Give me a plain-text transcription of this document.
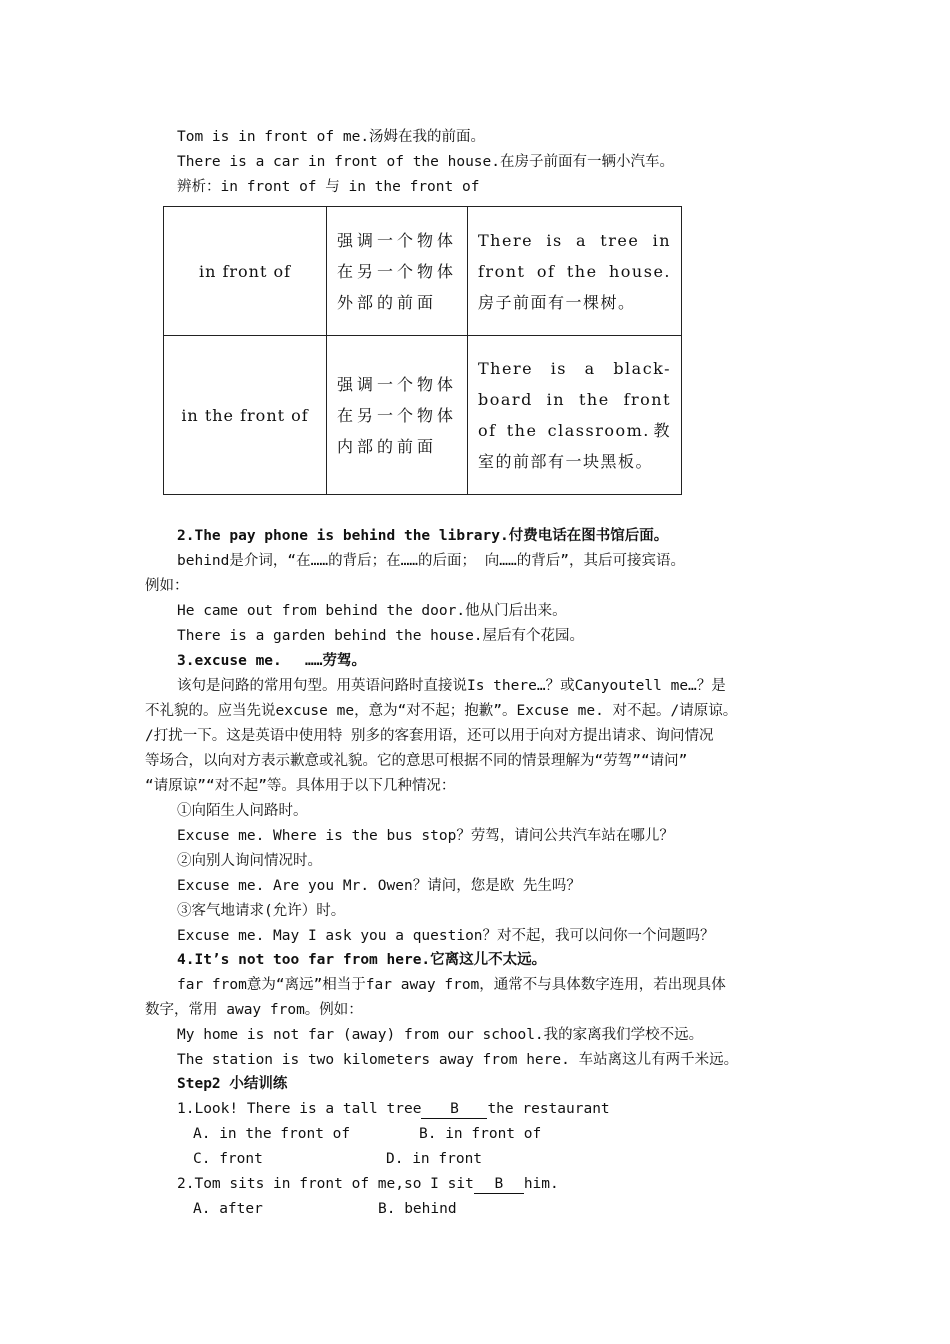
Tom is in front of me.汤姆在我的前面。
There is a car in front of the house.在房子前面有一辆小汽车。
辨析：in front of 与 in the front of
in front of	强调一个物体在另一个物体外部的前面	There is a tree in front of the house.房子前面有一棵树。
in the front of	强调一个物体在另一个物体内部的前面	There is a black-board in the front of the classroom.教室的前部有一块黑板。
2.The pay phone is behind the library.付费电话在图书馆后面。
behind是介词，“在……的背后；在……的后面； 向……的背后”，其后可接宾语。
例如：
He came out from behind the door.他从门后出来。
There is a garden behind the house.屋后有个花园。
3.excuse me.　 ……劳驾。
该句是问路的常用句型。用英语问路时直接说Is there…？或Canyoutell me…？是
不礼貌的。应当先说excuse me，意为“对不起；抱歉”。Excuse me. 对不起。/请原谅。
/打扰一下。这是英语中使用特 别多的客套用语，还可以用于向对方提出请求、询问情况
等场合，以向对方表示歉意或礼貌。它的意思可根据不同的情景理解为“劳驾”“请问”
“请原谅”“对不起”等。具体用于以下几种情况：
①向陌生人问路时。
Excuse me. Where is the bus stop？劳驾，请问公共汽车站在哪儿？
②向别人询问情况时。
Excuse me. Are you Mr. Owen？请问，您是欧 先生吗？
③客气地请求(允许）时。
Excuse me. May I ask you a question？对不起，我可以问你一个问题吗？
4.It’s not too far from here.它离这儿不太远。
far from意为“离远”相当于far away from，通常不与具体数字连用，若出现具体
数字，常用 away from。例如：
My home is not far (away) from our school.我的家离我们学校不远。
The station is two kilometers away from here. 车站离这儿有两千米远。
Step2 小结训练
1.Look! There is a tall tree B the restaurant
A. in the front of	B. in front of
C. front	D. in front
2.Tom sits in front of me,so I sit B him.
A. after	B. behind
